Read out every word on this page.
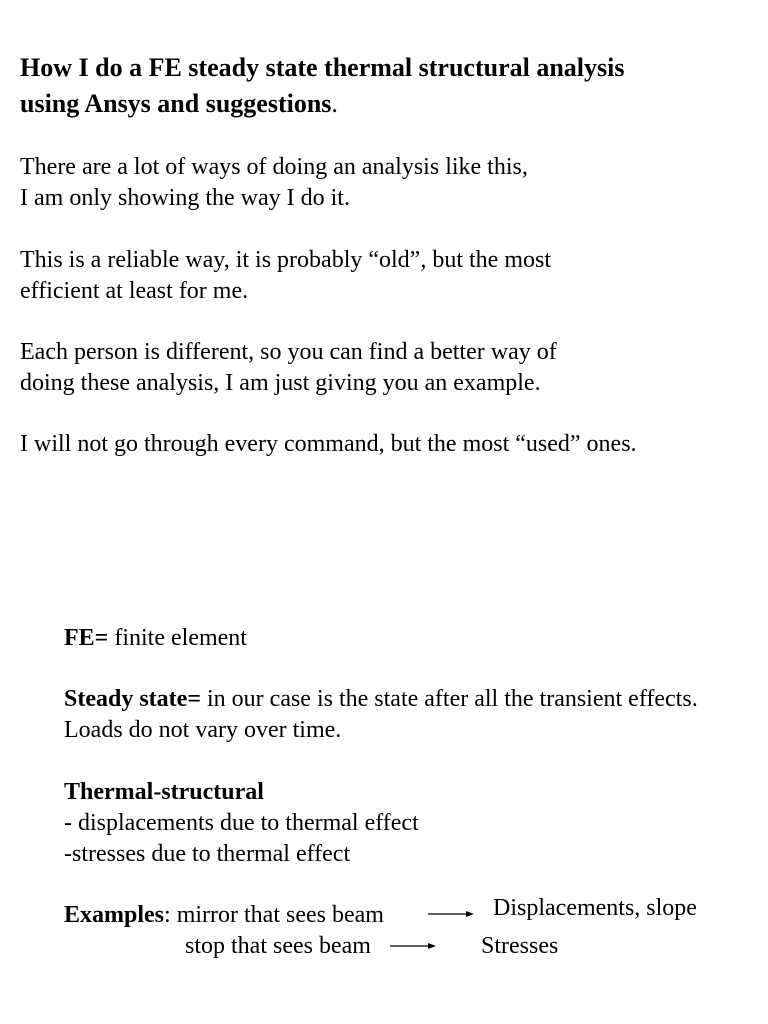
How I do a FE steady state thermal structural analysis
using Ansys and suggestions.
There are a lot of ways of doing an analysis like this,
I am only showing the way I do it.
This is a reliable way, it is probably “old”, but the most
efficient at least for me.
Each person is different, so you can find a better way of
doing these analysis, I am just giving you an example.
I will not go through every command, but the most “used” ones.
FE= finite element
Steady state= in our case is the state after all the transient effects.
Loads do not vary over time.
Thermal-structural
- displacements due to thermal effect
-stresses due to thermal effect
Examples: mirror that sees beam	Displacements, slope
stop that sees beam	Stresses
